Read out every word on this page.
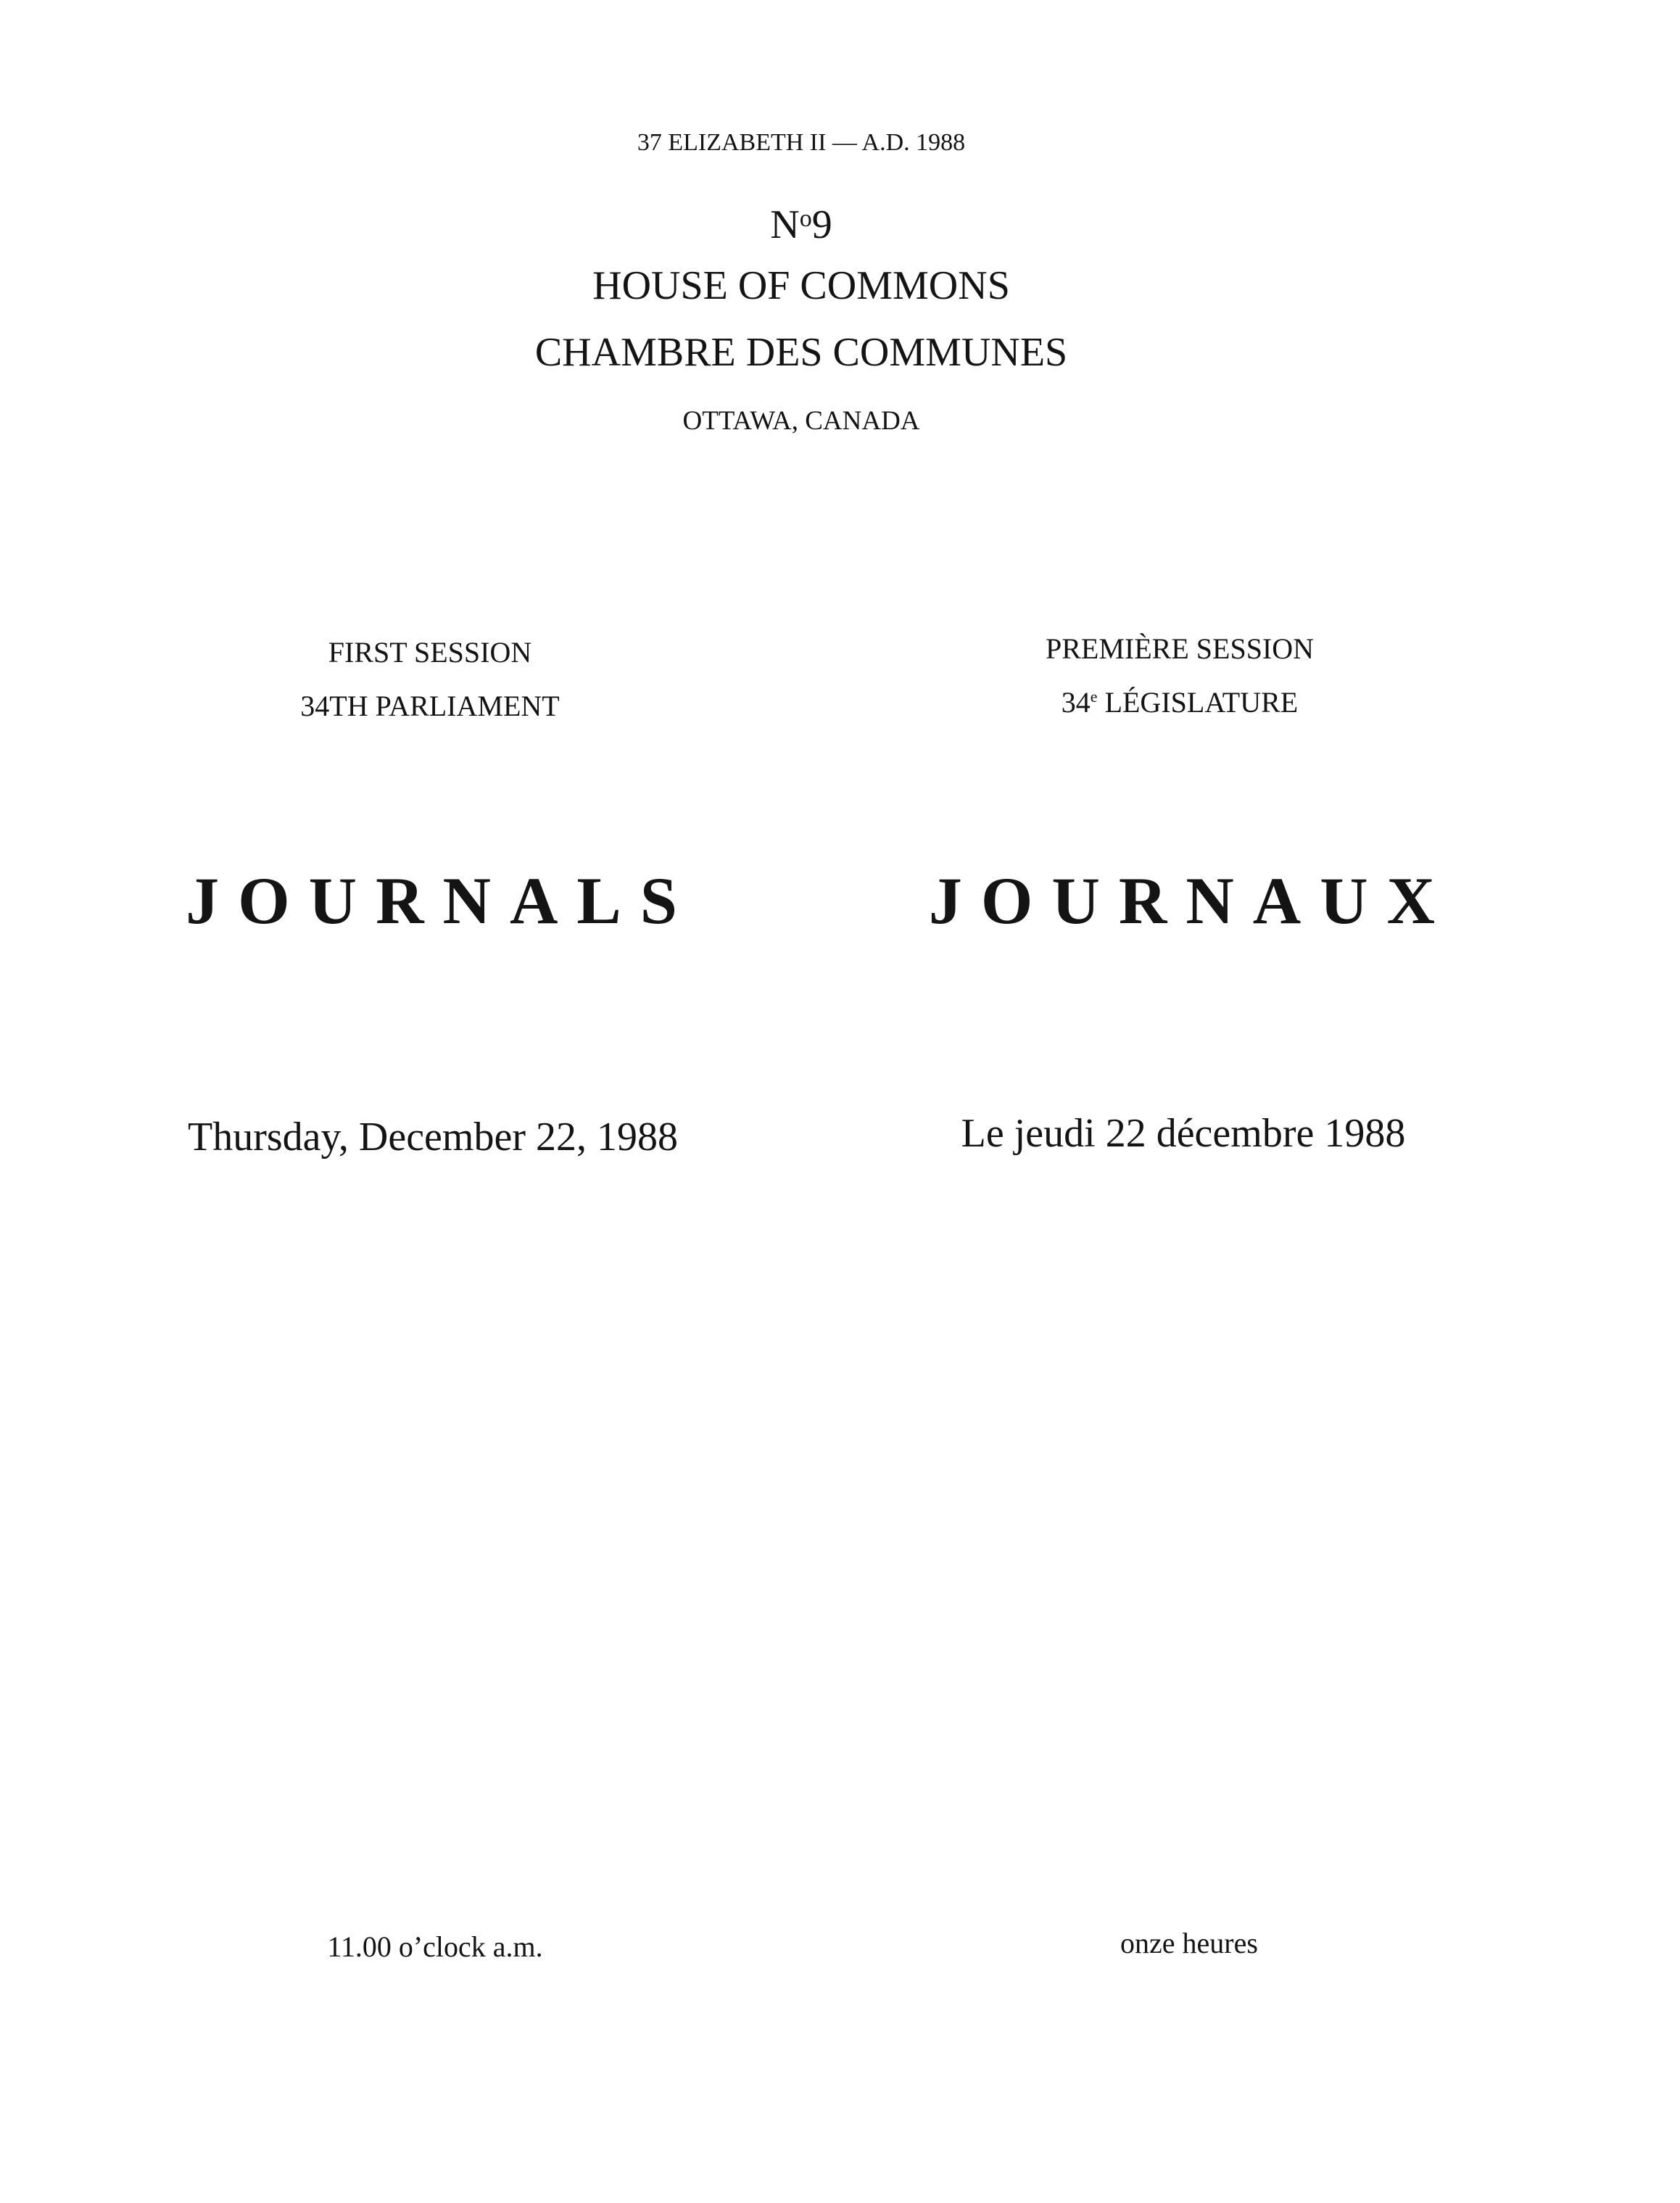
37 ELIZABETH II — A.D. 1988
$N^o9$
HOUSE OF COMMONS
CHAMBRE DES COMMUNES
OTTAWA, CANADA
FIRST SESSION
34TH PARLIAMENT
PREMIÈRE SESSION
34e LÉGISLATURE
JOURNALS	JOURNAUX
Thursday, December 22, 1988	Le jeudi 22 décembre 1988
11.00 o’clock a.m.	onze heures
